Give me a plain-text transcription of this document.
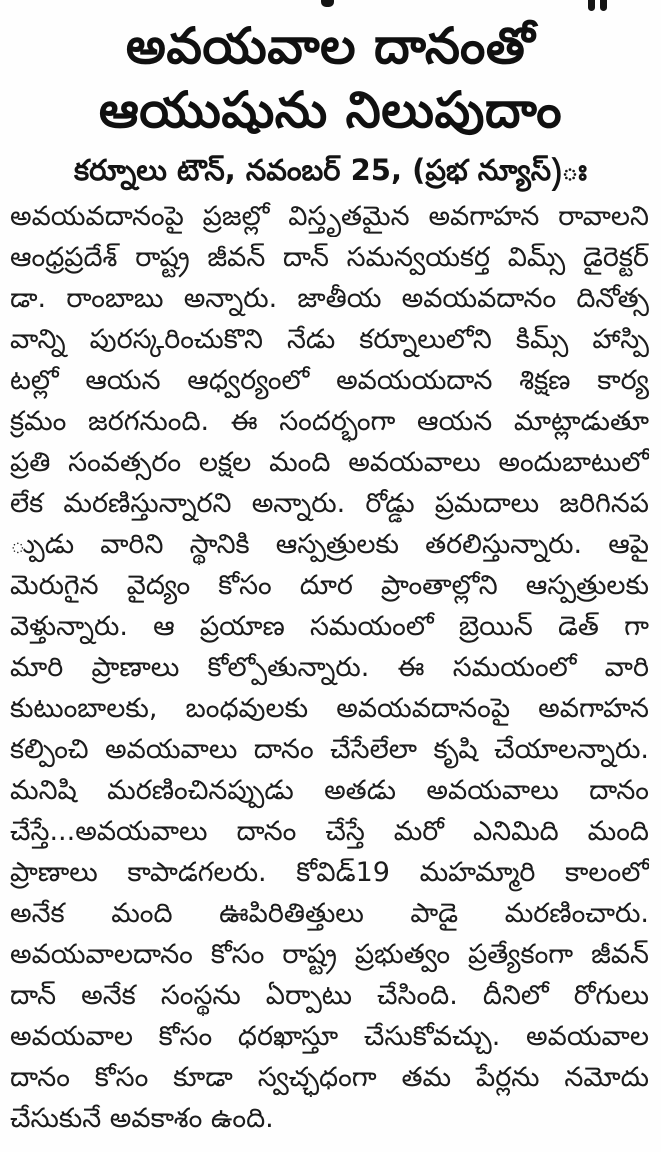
అవయవాల దానంతో
ఆయుషును నిలుపుదాం
కర్నూలు టౌన్, నవంబర్ 25, (ప్రభ న్యూస్)ః
అవయవదానంపై ప్రజల్లో విస్తృతమైన అవగాహన రావాలని
ఆంధ్రప్రదేశ్ రాష్ట్ర జీవన్ దాన్ సమన్వయకర్త విమ్స్ డైరెక్టర్
డా. రాంబాబు అన్నారు. జాతీయ అవయవదానం దినోత్స
వాన్ని పురస్కరించుకొని నేడు కర్నూలులోని కిమ్స్ హాస్పి
టల్లో ఆయన ఆధ్వర్యంలో అవయయదాన శిక్షణ కార్య
క్రమం జరగనుంది. ఈ సందర్భంగా ఆయన మాట్లాడుతూ
ప్రతి సంవత్సరం లక్షల మంది అవయవాలు అందుబాటులో
లేక మరణిస్తున్నారని అన్నారు. రోడ్డు ప్రమదాలు జరిగినప
్పుడు వారిని స్థానికి ఆస్పత్రులకు తరలిస్తున్నారు. ఆపై
మెరుగైన వైద్యం కోసం దూర ప్రాంతాల్లోని ఆస్పత్రులకు
వెళ్తున్నారు. ఆ ప్రయాణ సమయంలో బ్రెయిన్ డెత్ గా
మారి ప్రాణాలు కోల్పోతున్నారు. ఈ సమయంలో వారి
కుటుంబాలకు, బంధవులకు అవయవదానంపై అవగాహన
కల్పించి అవయవాలు దానం చేసేలేలా కృషి చేయాలన్నారు.
మనిషి మరణించినప్పుడు అతడు అవయవాలు దానం
చేస్తే...అవయవాలు దానం చేస్తే మరో ఎనిమిది మంది
ప్రాణాలు కాపాడగలరు. కోవిడ్19 మహమ్మారి కాలంలో
అనేక మంది ఊపిరితిత్తులు పాడై మరణించారు.
అవయవాలదానం కోసం రాష్ట్ర ప్రభుత్వం ప్రత్యేకంగా జీవన్
దాన్ అనేక సంస్థను ఏర్పాటు చేసింది. దీనిలో రోగులు
అవయవాల కోసం ధరఖాస్తూ చేసుకోవచ్చు. అవయవాల
దానం కోసం కూడా స్వచ్ఛధంగా తమ పేర్లను నమోదు
చేసుకునే అవకాశం ఉంది.
